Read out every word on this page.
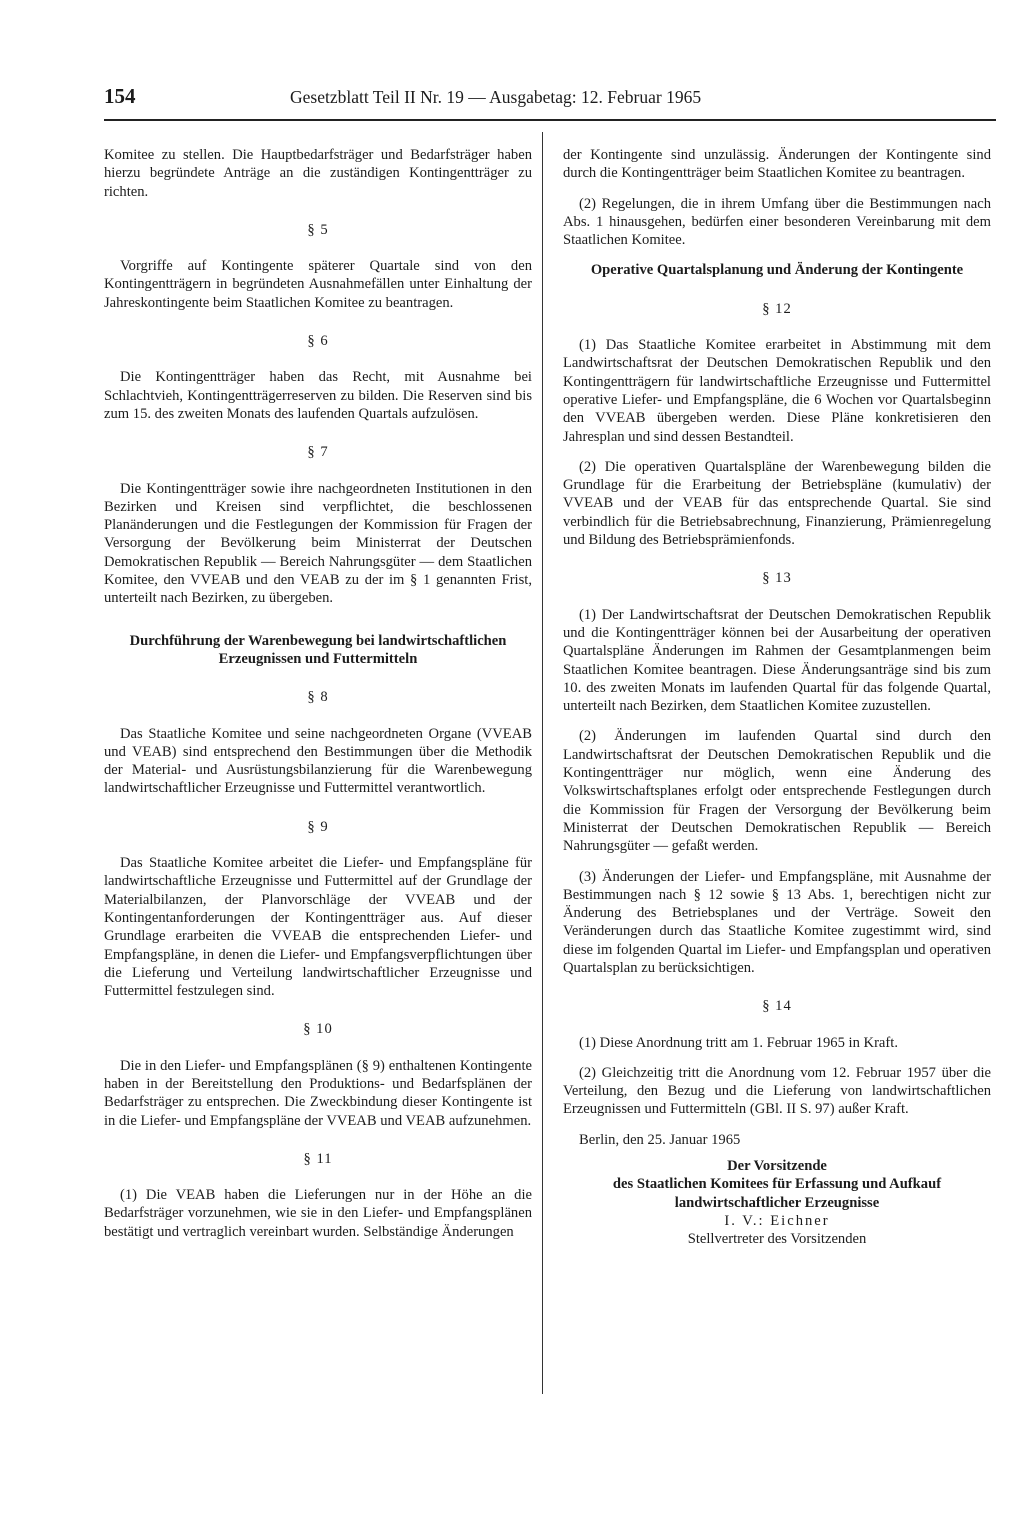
154	Gesetzblatt Teil II Nr. 19 — Ausgabetag: 12. Februar 1965

Komitee zu stellen. Die Hauptbedarfsträger und Bedarfsträger haben hierzu begründete Anträge an die zuständigen Kontingentträger zu richten.

§ 5

Vorgriffe auf Kontingente späterer Quartale sind von den Kontingentträgern in begründeten Ausnahmefällen unter Einhaltung der Jahreskontingente beim Staatlichen Komitee zu beantragen.

§ 6

Die Kontingentträger haben das Recht, mit Ausnahme bei Schlachtvieh, Kontingentträgerreserven zu bilden. Die Reserven sind bis zum 15. des zweiten Monats des laufenden Quartals aufzulösen.

§ 7

Die Kontingentträger sowie ihre nachgeordneten Institutionen in den Bezirken und Kreisen sind verpflichtet, die beschlossenen Planänderungen und die Festlegungen der Kommission für Fragen der Versorgung der Bevölkerung beim Ministerrat der Deutschen Demokratischen Republik — Bereich Nahrungsgüter — dem Staatlichen Komitee, den VVEAB und den VEAB zu der im § 1 genannten Frist, unterteilt nach Bezirken, zu übergeben.

Durchführung der Warenbewegung bei landwirtschaftlichen Erzeugnissen und Futtermitteln

§ 8

Das Staatliche Komitee und seine nachgeordneten Organe (VVEAB und VEAB) sind entsprechend den Bestimmungen über die Methodik der Material- und Ausrüstungsbilanzierung für die Warenbewegung landwirtschaftlicher Erzeugnisse und Futtermittel verantwortlich.

§ 9

Das Staatliche Komitee arbeitet die Liefer- und Empfangspläne für landwirtschaftliche Erzeugnisse und Futtermittel auf der Grundlage der Materialbilanzen, der Planvorschläge der VVEAB und der Kontingentanforderungen der Kontingentträger aus. Auf dieser Grundlage erarbeiten die VVEAB die entsprechenden Liefer- und Empfangspläne, in denen die Liefer- und Empfangsverpflichtungen über die Lieferung und Verteilung landwirtschaftlicher Erzeugnisse und Futtermittel festzulegen sind.

§ 10

Die in den Liefer- und Empfangsplänen (§ 9) enthaltenen Kontingente haben in der Bereitstellung den Produktions- und Bedarfsplänen der Bedarfsträger zu entsprechen. Die Zweckbindung dieser Kontingente ist in die Liefer- und Empfangspläne der VVEAB und VEAB aufzunehmen.

§ 11

(1) Die VEAB haben die Lieferungen nur in der Höhe an die Bedarfsträger vorzunehmen, wie sie in den Liefer- und Empfangsplänen bestätigt und vertraglich vereinbart wurden. Selbständige Änderungen

der Kontingente sind unzulässig. Änderungen der Kontingente sind durch die Kontingentträger beim Staatlichen Komitee zu beantragen.

(2) Regelungen, die in ihrem Umfang über die Bestimmungen nach Abs. 1 hinausgehen, bedürfen einer besonderen Vereinbarung mit dem Staatlichen Komitee.

Operative Quartalsplanung und Änderung der Kontingente

§ 12

(1) Das Staatliche Komitee erarbeitet in Abstimmung mit dem Landwirtschaftsrat der Deutschen Demokratischen Republik und den Kontingentträgern für landwirtschaftliche Erzeugnisse und Futtermittel operative Liefer- und Empfangspläne, die 6 Wochen vor Quartalsbeginn den VVEAB übergeben werden. Diese Pläne konkretisieren den Jahresplan und sind dessen Bestandteil.

(2) Die operativen Quartalspläne der Warenbewegung bilden die Grundlage für die Erarbeitung der Betriebspläne (kumulativ) der VVEAB und der VEAB für das entsprechende Quartal. Sie sind verbindlich für die Betriebsabrechnung, Finanzierung, Prämienregelung und Bildung des Betriebsprämienfonds.

§ 13

(1) Der Landwirtschaftsrat der Deutschen Demokratischen Republik und die Kontingentträger können bei der Ausarbeitung der operativen Quartalspläne Änderungen im Rahmen der Gesamtplanmengen beim Staatlichen Komitee beantragen. Diese Änderungsanträge sind bis zum 10. des zweiten Monats im laufenden Quartal für das folgende Quartal, unterteilt nach Bezirken, dem Staatlichen Komitee zuzustellen.

(2) Änderungen im laufenden Quartal sind durch den Landwirtschaftsrat der Deutschen Demokratischen Republik und die Kontingentträger nur möglich, wenn eine Änderung des Volkswirtschaftsplanes erfolgt oder entsprechende Festlegungen durch die Kommission für Fragen der Versorgung der Bevölkerung beim Ministerrat der Deutschen Demokratischen Republik — Bereich Nahrungsgüter — gefaßt werden.

(3) Änderungen der Liefer- und Empfangspläne, mit Ausnahme der Bestimmungen nach § 12 sowie § 13 Abs. 1, berechtigen nicht zur Änderung des Betriebsplanes und der Verträge. Soweit den Veränderungen durch das Staatliche Komitee zugestimmt wird, sind diese im folgenden Quartal im Liefer- und Empfangsplan und operativen Quartalsplan zu berücksichtigen.

§ 14

(1) Diese Anordnung tritt am 1. Februar 1965 in Kraft.

(2) Gleichzeitig tritt die Anordnung vom 12. Februar 1957 über die Verteilung, den Bezug und die Lieferung von landwirtschaftlichen Erzeugnissen und Futtermitteln (GBl. II S. 97) außer Kraft.

Berlin, den 25. Januar 1965

Der Vorsitzende

des Staatlichen Komitees für Erfassung und Aufkauf

landwirtschaftlicher Erzeugnisse

I. V.: Eichner

Stellvertreter des Vorsitzenden
